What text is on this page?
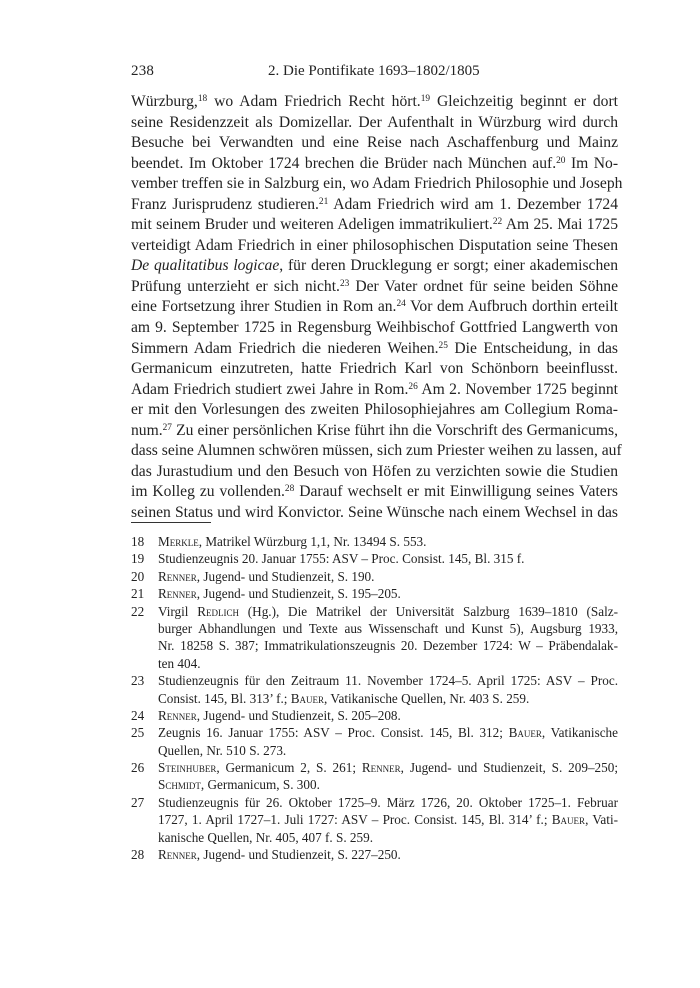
238	2. Die Pontifikate 1693–1802/1805
Würzburg,$^{18}$ wo Adam Friedrich Recht hört.$^{19}$ Gleichzeitig beginnt er dort
seine Residenzzeit als Domizellar. Der Aufenthalt in Würzburg wird durch
Besuche bei Verwandten und eine Reise nach Aschaffenburg und Mainz
beendet. Im Oktober 1724 brechen die Brüder nach München auf.$^{20}$ Im No-
vember treffen sie in Salzburg ein, wo Adam Friedrich Philosophie und Joseph
Franz Jurisprudenz studieren.$^{21}$ Adam Friedrich wird am 1. Dezember 1724
mit seinem Bruder und weiteren Adeligen immatrikuliert.$^{22}$ Am 25. Mai 1725
verteidigt Adam Friedrich in einer philosophischen Disputation seine Thesen
De qualitatibus logicae, für deren Drucklegung er sorgt; einer akademischen
Prüfung unterzieht er sich nicht.$^{23}$ Der Vater ordnet für seine beiden Söhne
eine Fortsetzung ihrer Studien in Rom an.$^{24}$ Vor dem Aufbruch dorthin erteilt
am 9. September 1725 in Regensburg Weihbischof Gottfried Langwerth von
Simmern Adam Friedrich die niederen Weihen.$^{25}$ Die Entscheidung, in das
Germanicum einzutreten, hatte Friedrich Karl von Schönborn beeinflusst.
Adam Friedrich studiert zwei Jahre in Rom.$^{26}$ Am 2. November 1725 beginnt
er mit den Vorlesungen des zweiten Philosophiejahres am Collegium Roma-
num.$^{27}$ Zu einer persönlichen Krise führt ihn die Vorschrift des Germanicums,
dass seine Alumnen schwören müssen, sich zum Priester weihen zu lassen, auf
das Jurastudium und den Besuch von Höfen zu verzichten sowie die Studien
im Kolleg zu vollenden.$^{28}$ Darauf wechselt er mit Einwilligung seines Vaters
seinen Status und wird Konvictor. Seine Wünsche nach einem Wechsel in das
18 Merkle, Matrikel Würzburg 1,1, Nr. 13494 S. 553.
19 Studienzeugnis 20. Januar 1755: ASV – Proc. Consist. 145, Bl. 315 f.
20 Renner, Jugend- und Studienzeit, S. 190.
21 Renner, Jugend- und Studienzeit, S. 195–205.
22 Virgil Redlich (Hg.), Die Matrikel der Universität Salzburg 1639–1810 (Salz-
burger Abhandlungen und Texte aus Wissenschaft und Kunst 5), Augsburg 1933,
Nr. 18258 S. 387; Immatrikulationszeugnis 20. Dezember 1724: W – Präbendalak-
ten 404.
23 Studienzeugnis für den Zeitraum 11. November 1724–5. April 1725: ASV – Proc.
Consist. 145, Bl. 313’ f.; Bauer, Vatikanische Quellen, Nr. 403 S. 259.
24 Renner, Jugend- und Studienzeit, S. 205–208.
25 Zeugnis 16. Januar 1755: ASV – Proc. Consist. 145, Bl. 312; Bauer, Vatikanische
Quellen, Nr. 510 S. 273.
26 Steinhuber, Germanicum 2, S. 261; Renner, Jugend- und Studienzeit, S. 209–250;
Schmidt, Germanicum, S. 300.
27 Studienzeugnis für 26. Oktober 1725–9. März 1726, 20. Oktober 1725–1. Februar
1727, 1. April 1727–1. Juli 1727: ASV – Proc. Consist. 145, Bl. 314’ f.; Bauer, Vati-
kanische Quellen, Nr. 405, 407 f. S. 259.
28 Renner, Jugend- und Studienzeit, S. 227–250.
